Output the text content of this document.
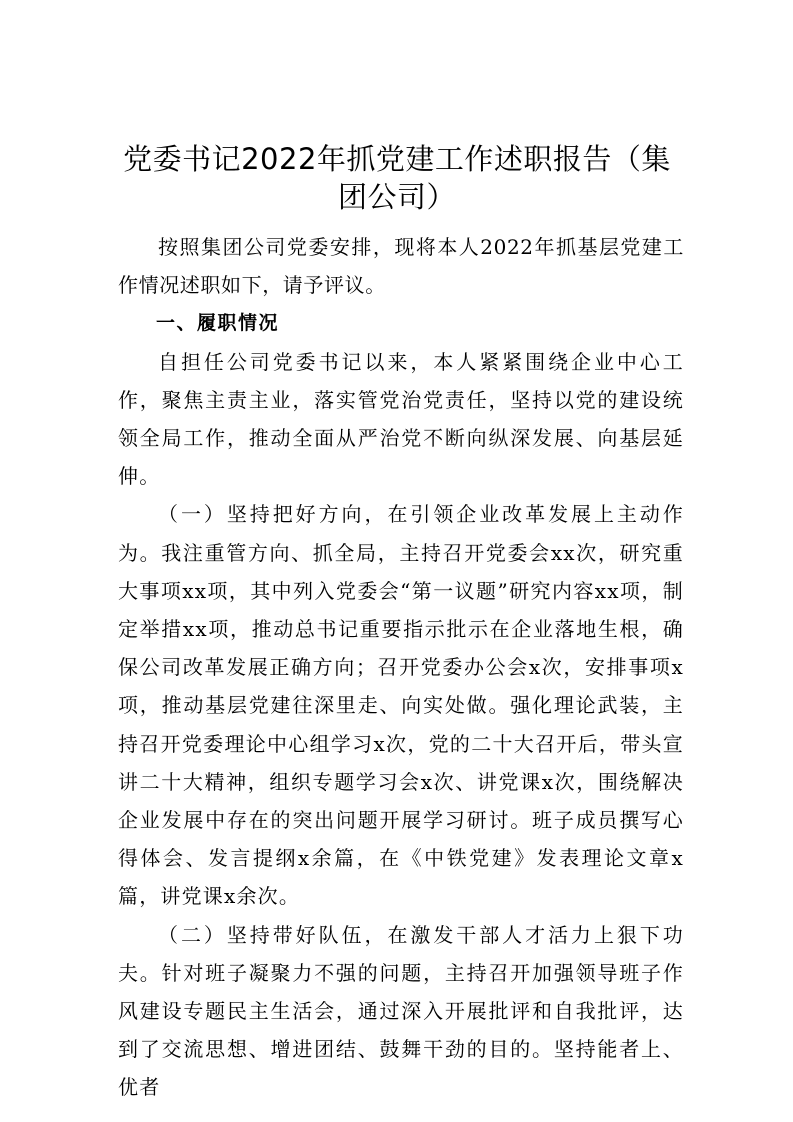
党委书记2022年抓党建工作述职报告（集团公司）

按照集团公司党委安排，现将本人2022年抓基层党建工作情况述职如下，请予评议。

一、履职情况

自担任公司党委书记以来，本人紧紧围绕企业中心工作，聚焦主责主业，落实管党治党责任，坚持以党的建设统领全局工作，推动全面从严治党不断向纵深发展、向基层延伸。

（一）坚持把好方向，在引领企业改革发展上主动作为。我注重管方向、抓全局，主持召开党委会xx次，研究重大事项xx项，其中列入党委会“第一议题”研究内容xx项，制定举措xx项，推动总书记重要指示批示在企业落地生根，确保公司改革发展正确方向；召开党委办公会x次，安排事项x项，推动基层党建往深里走、向实处做。强化理论武装，主持召开党委理论中心组学习x次，党的二十大召开后，带头宣讲二十大精神，组织专题学习会x次、讲党课x次，围绕解决企业发展中存在的突出问题开展学习研讨。班子成员撰写心得体会、发言提纲x余篇，在《中铁党建》发表理论文章x篇，讲党课x余次。

（二）坚持带好队伍，在激发干部人才活力上狠下功夫。针对班子凝聚力不强的问题，主持召开加强领导班子作风建设专题民主生活会，通过深入开展批评和自我批评，达到了交流思想、增进团结、鼓舞干劲的目的。坚持能者上、优者
